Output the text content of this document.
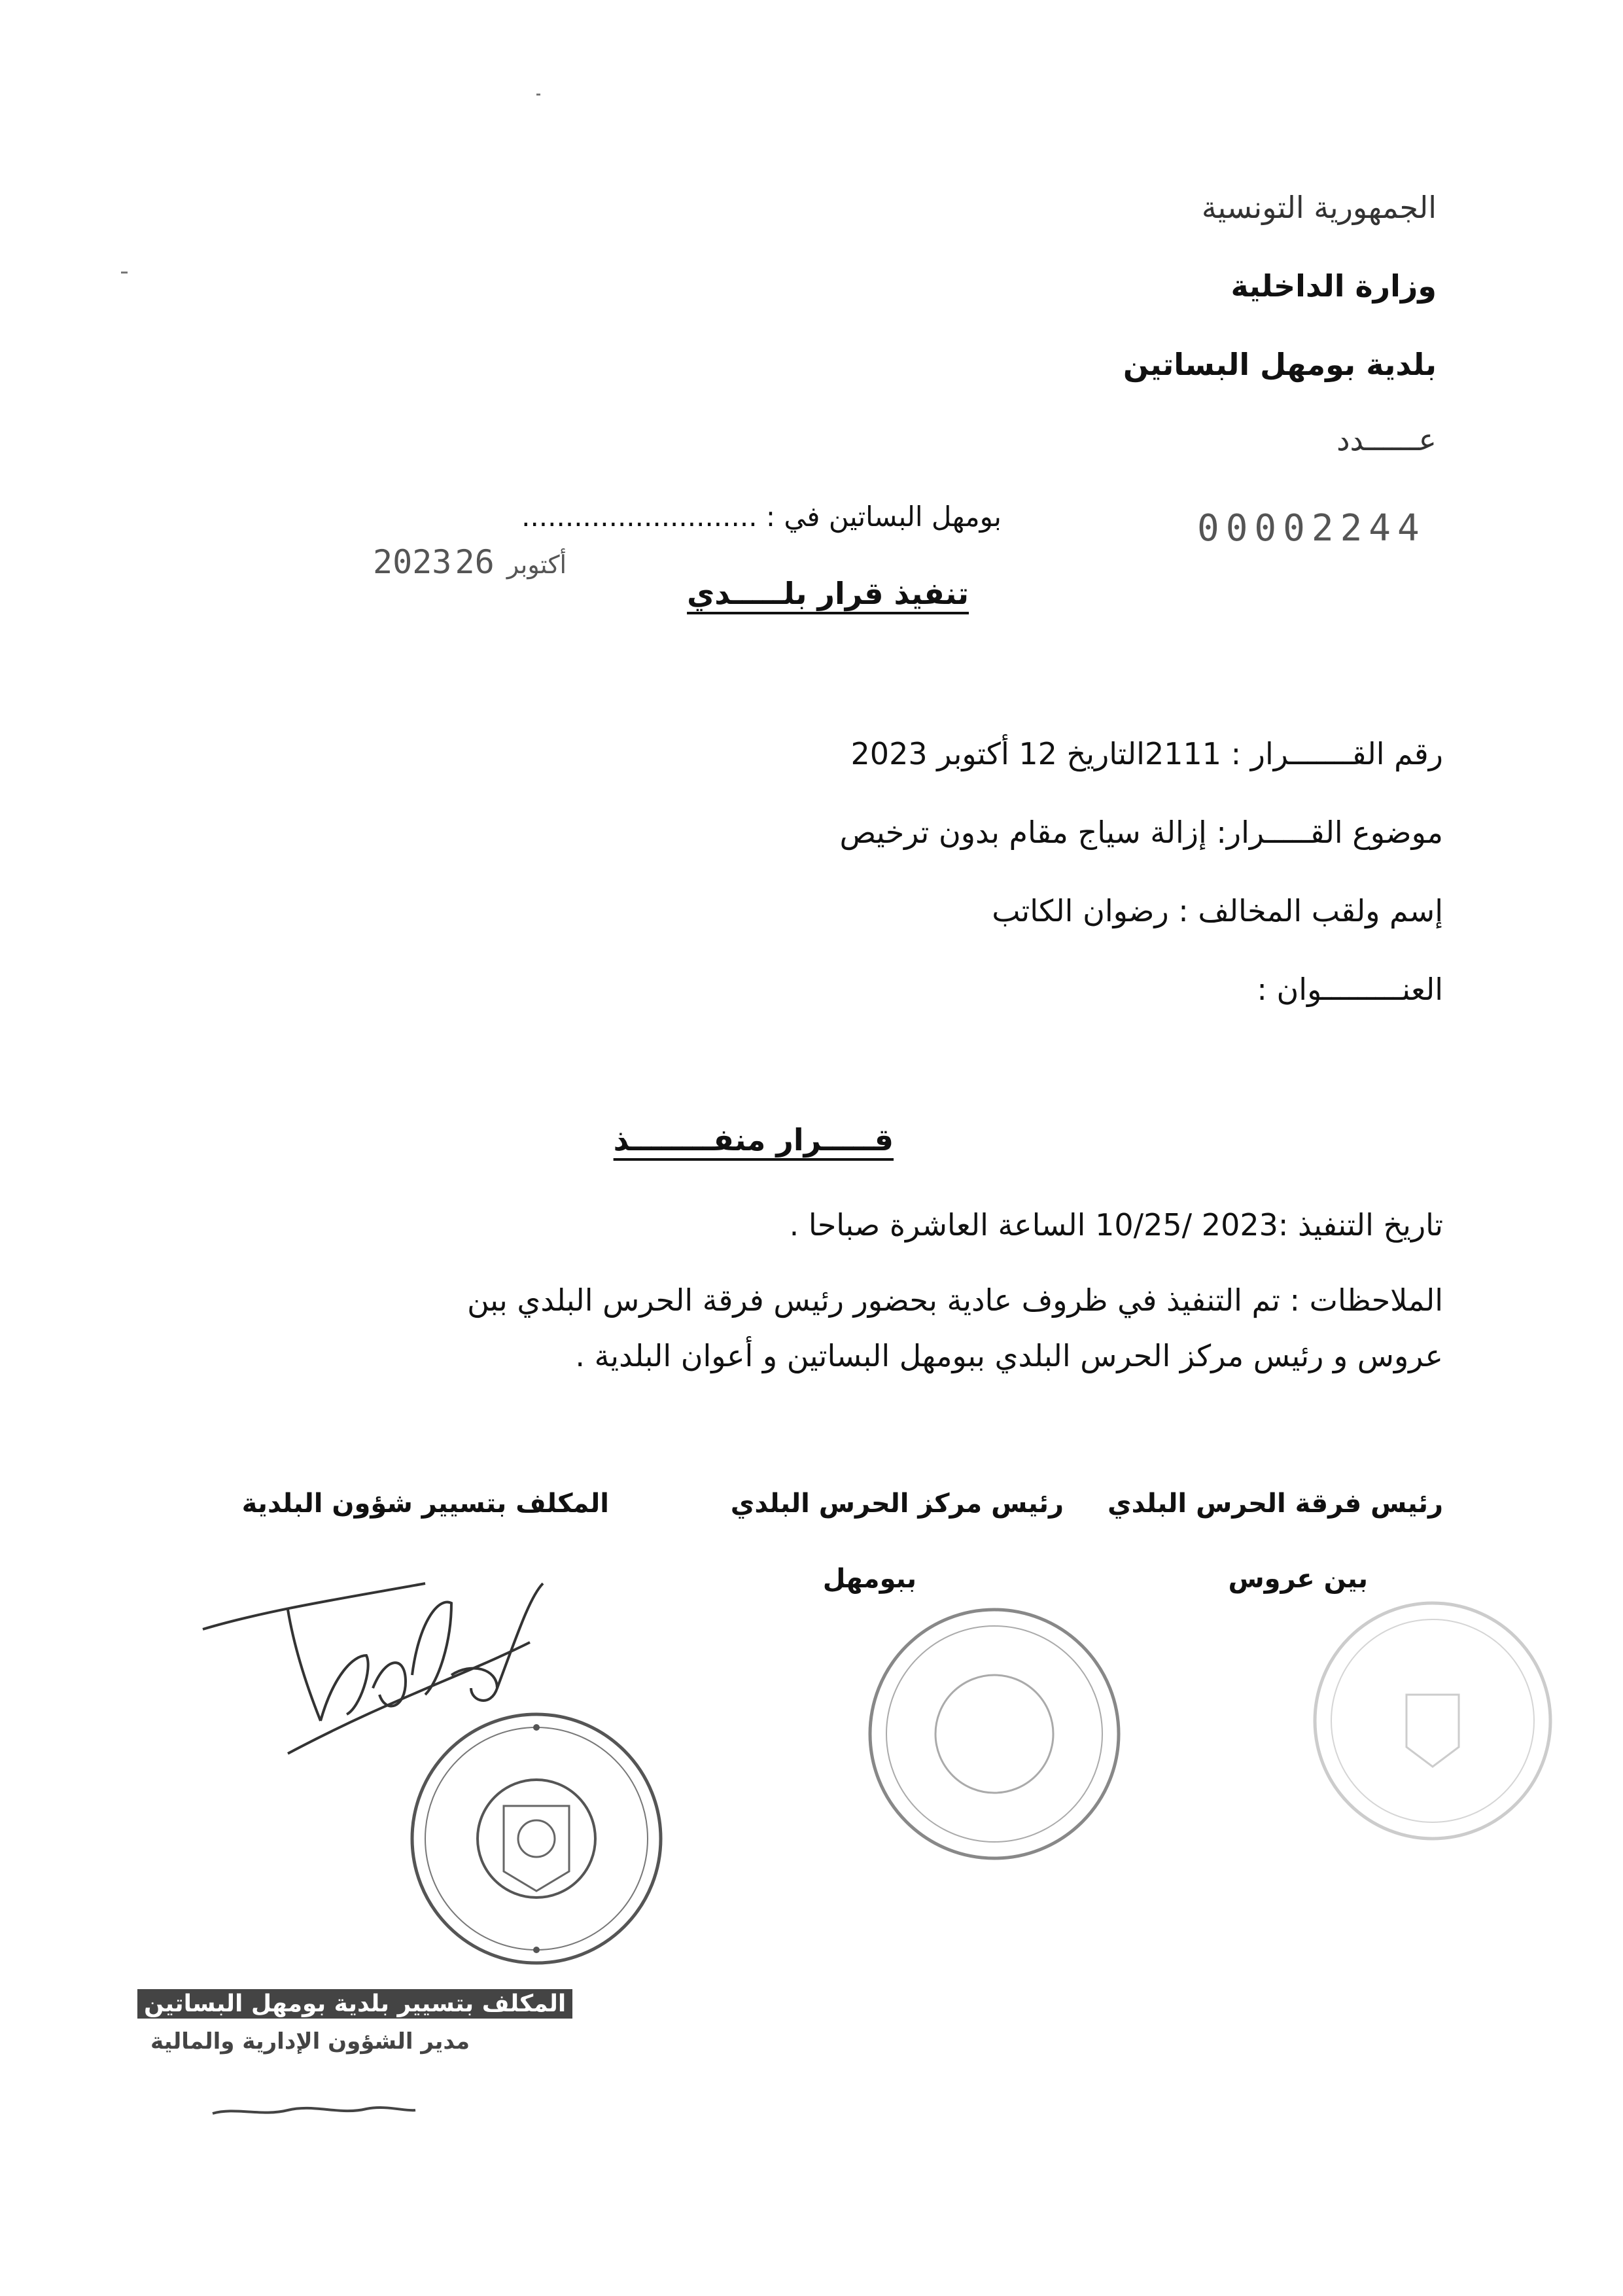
الجمهورية التونسية
وزارة الداخلية
بلدية بومهل البساتين
عــــــدد
بومهل البساتين في : ...........................	00002244
2023 أكتوبر 26
تنفيذ قرار بلـــــدي
رقم القـــــــرار : 2111التاريخ 12 أكتوبر 2023
موضوع القـــــرار: إزالة سياج مقام بدون ترخيص
إسم ولقب المخالف : رضوان الكاتب
العنـــــــــوان :
قـــــرار منفــــــــذ
تاريخ التنفيذ :2023 /10/25 الساعة العاشرة صباحا .
الملاحظات : تم التنفيذ في ظروف عادية بحضور رئيس فرقة الحرس البلدي ببن
عروس و رئيس مركز الحرس البلدي ببومهل البساتين و أعوان البلدية .
رئيس فرقة الحرس البلدي
بين عروس
رئيس مركز الحرس البلدي
ببومهل
المكلف بتسيير شؤون البلدية
المكلف بتسيير بلدية بومهل البساتين
مدير الشؤون الإدارية والمالية
